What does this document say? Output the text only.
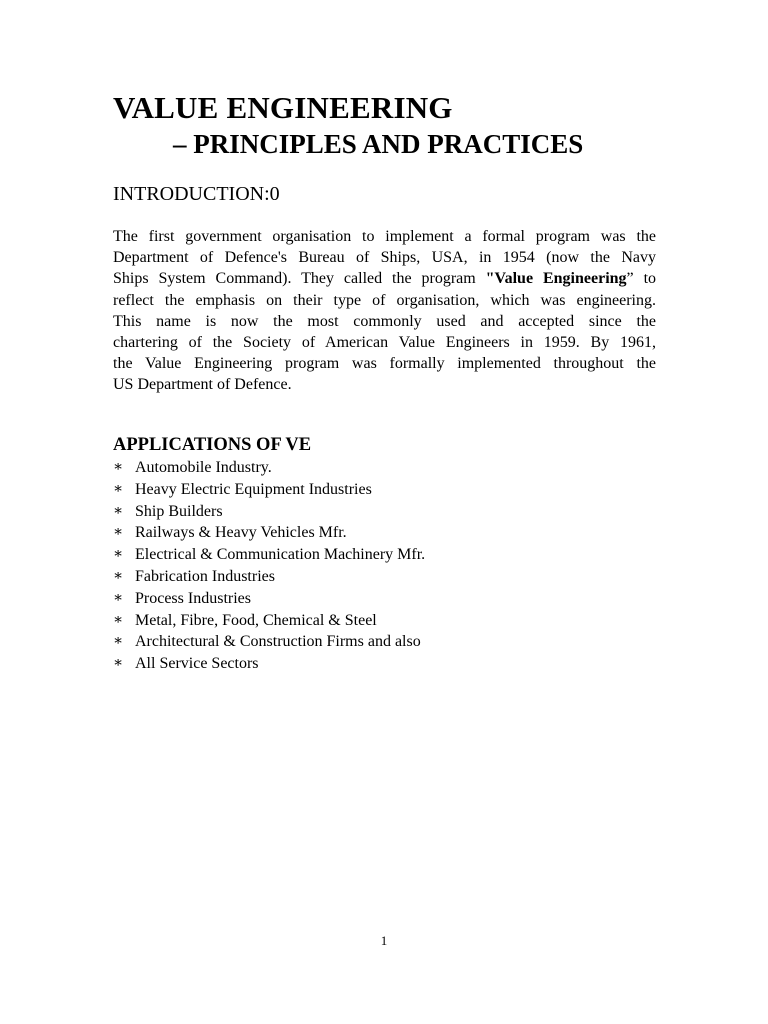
VALUE ENGINEERING
– PRINCIPLES AND PRACTICES
INTRODUCTION:0
The first government organisation to implement a formal program was the
Department of Defence's Bureau of Ships, USA, in 1954 (now the Navy
Ships System Command). They called the program "Value Engineering” to
reflect the emphasis on their type of organisation, which was engineering.
This name is now the most commonly used and accepted since the
chartering of the Society of American Value Engineers in 1959. By 1961,
the Value Engineering program was formally implemented throughout the
US Department of Defence.
APPLICATIONS OF VE
∗ Automobile Industry.
∗ Heavy Electric Equipment Industries
∗ Ship Builders
∗ Railways & Heavy Vehicles Mfr.
∗ Electrical & Communication Machinery Mfr.
∗ Fabrication Industries
∗ Process Industries
∗ Metal, Fibre, Food, Chemical & Steel
∗ Architectural & Construction Firms and also
∗ All Service Sectors
1
